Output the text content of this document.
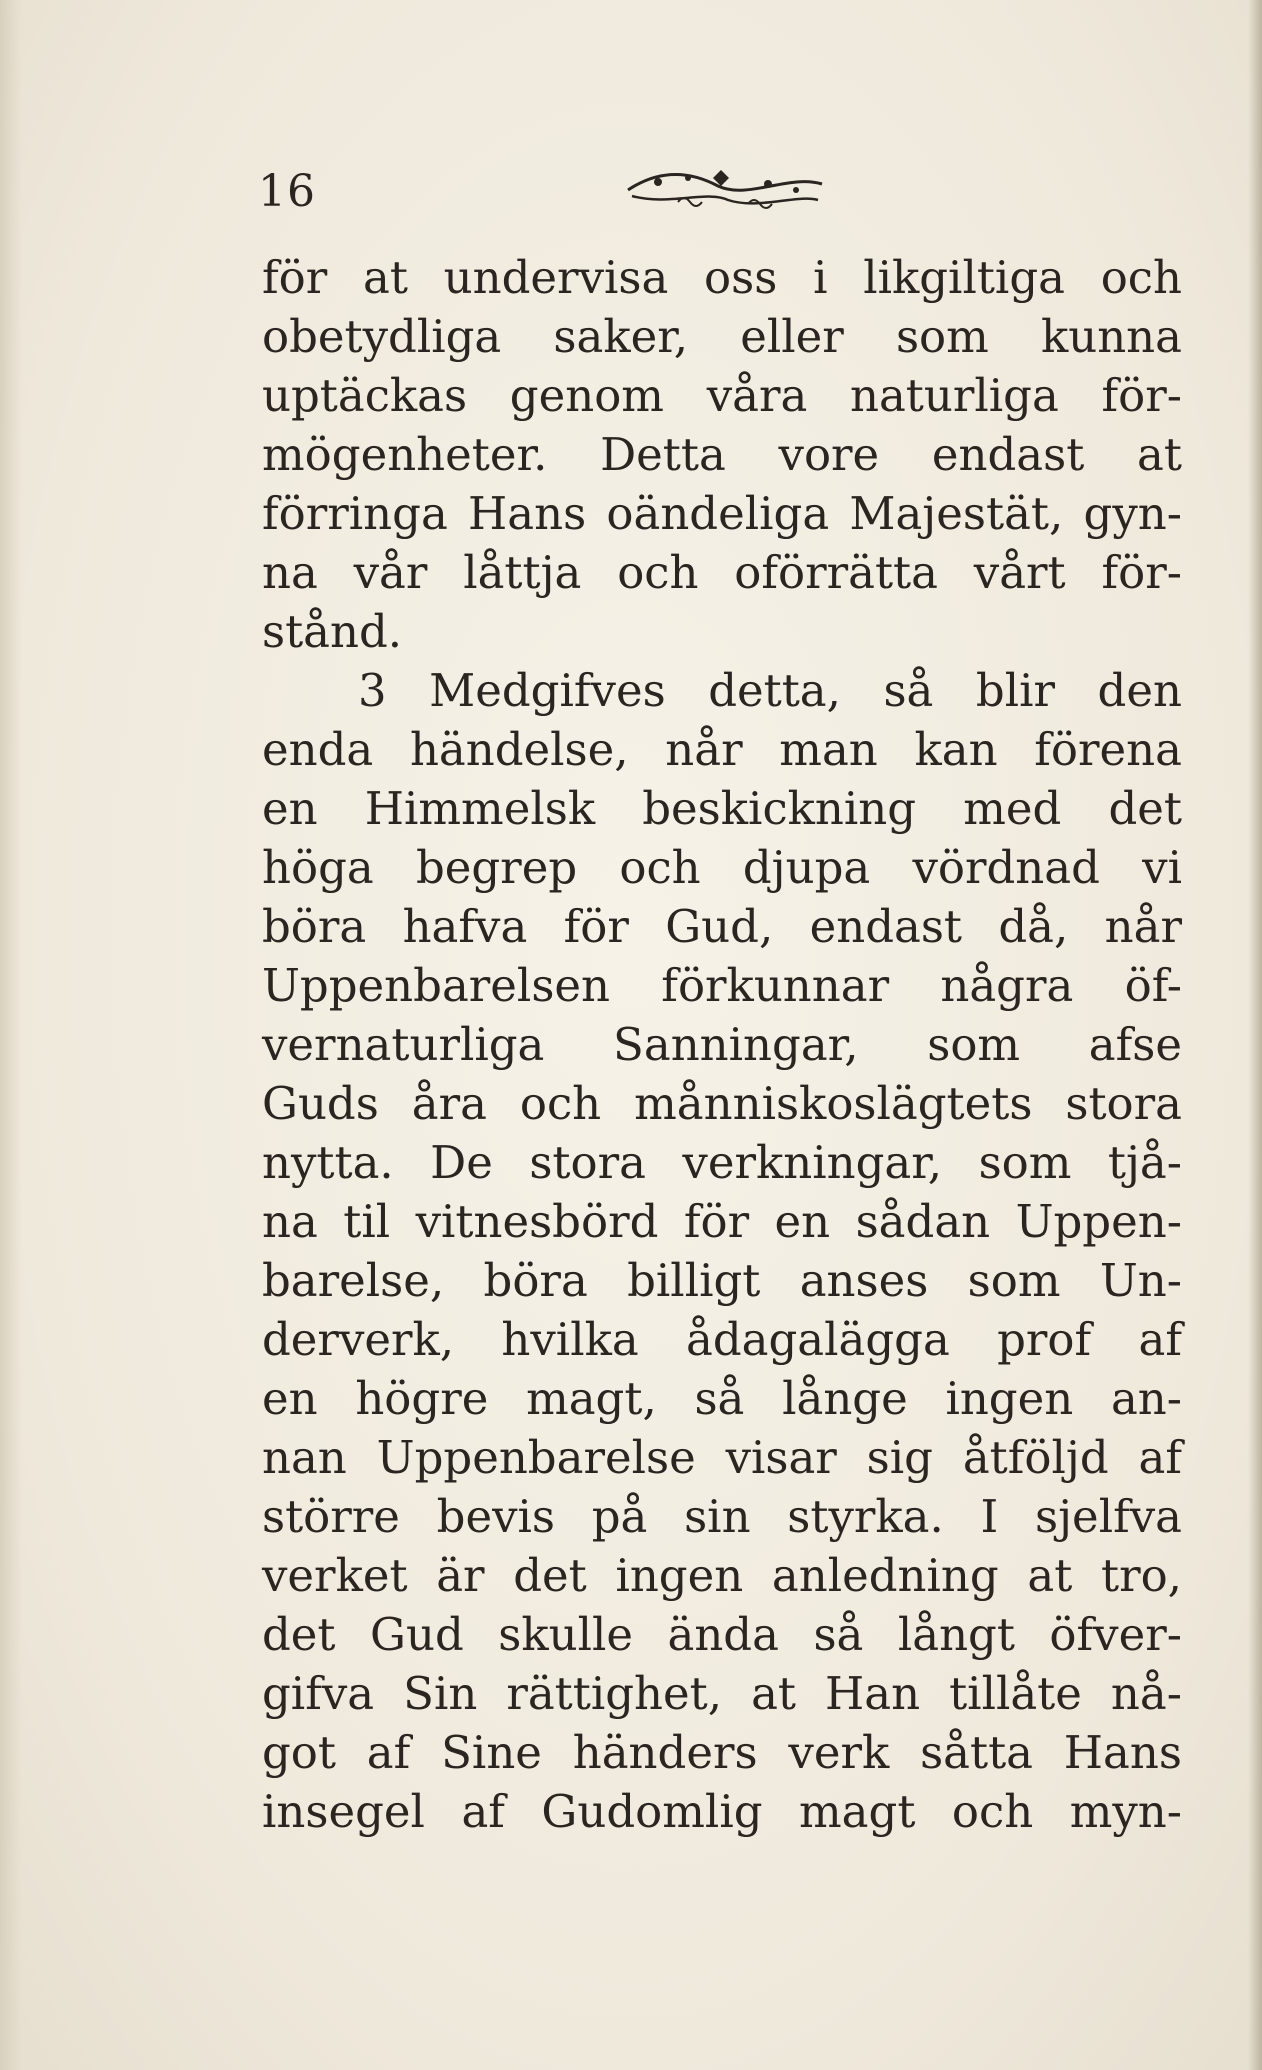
16
för at undervisa oss i likgiltiga och
obetydliga saker, eller som kunna
uptäckas genom våra naturliga för-
mögenheter. Detta vore endast at
förringa Hans oändeliga Majestät, gyn-
na vår låttja och oförrätta vårt för-
stånd.
3 Medgifves detta, så blir den
enda händelse, når man kan förena
en Himmelsk beskickning med det
höga begrep och djupa vördnad vi
böra hafva för Gud, endast då, når
Uppenbarelsen förkunnar några öf-
vernaturliga Sanningar, som afse
Guds åra och månniskoslägtets stora
nytta. De stora verkningar, som tjå-
na til vitnesbörd för en sådan Uppen-
barelse, böra billigt anses som Un-
derverk, hvilka ådagalägga prof af
en högre magt, så långe ingen an-
nan Uppenbarelse visar sig åtföljd af
större bevis på sin styrka. I sjelfva
verket är det ingen anledning at tro,
det Gud skulle ända så långt öfver-
gifva Sin rättighet, at Han tillåte nå-
got af Sine händers verk såtta Hans
insegel af Gudomlig magt och myn-
